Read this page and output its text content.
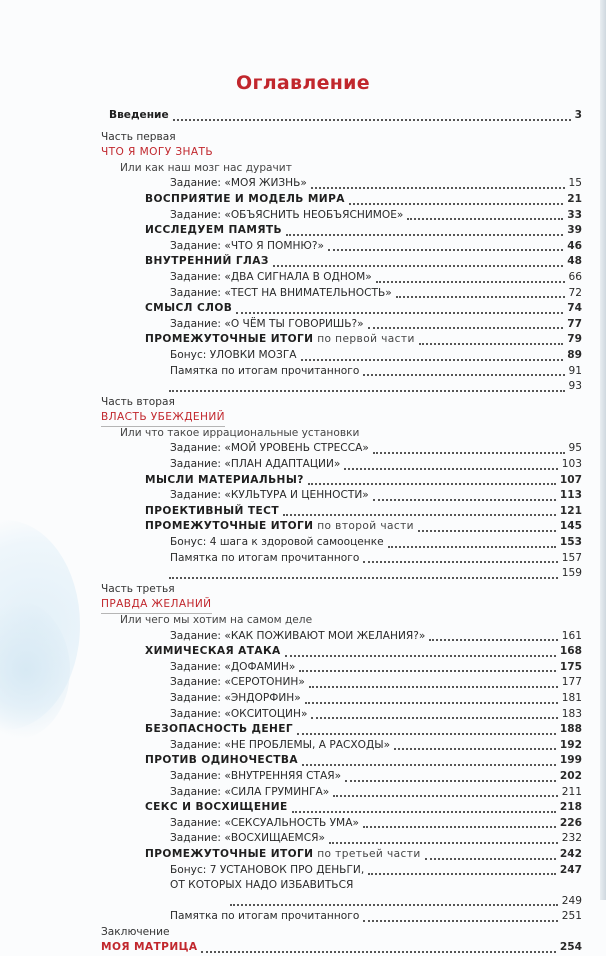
Оглавление
Введение	3
Часть первая
ЧТО Я МОГУ ЗНАТЬ
Или как наш мозг нас дурачит
Задание: «МОЯ ЖИЗНЬ»	15
ВОСПРИЯТИЕ И МОДЕЛЬ МИРА	21
Задание: «ОБЪЯСНИТЬ НЕОБЪЯСНИМОЕ»	33
ИССЛЕДУЕМ ПАМЯТЬ	39
Задание: «ЧТО Я ПОМНЮ?»	46
ВНУТРЕННИЙ ГЛАЗ	48
Задание: «ДВА СИГНАЛА В ОДНОМ»	66
Задание: «ТЕСТ НА ВНИМАТЕЛЬНОСТЬ»	72
СМЫСЛ СЛОВ	74
Задание: «О ЧЁМ ТЫ ГОВОРИШЬ?»	77
ПРОМЕЖУТОЧНЫЕ ИТОГИ по первой части	79
Бонус: УЛОВКИ МОЗГА	89
Памятка по итогам прочитанного	91
93
Часть вторая
ВЛАСТЬ УБЕЖДЕНИЙ
Или что такое иррациональные установки
Задание: «МОЙ УРОВЕНЬ СТРЕССА»	95
Задание: «ПЛАН АДАПТАЦИИ»	103
МЫСЛИ МАТЕРИАЛЬНЫ?	107
Задание: «КУЛЬТУРА И ЦЕННОСТИ»	113
ПРОЕКТИВНЫЙ ТЕСТ	121
ПРОМЕЖУТОЧНЫЕ ИТОГИ по второй части	145
Бонус: 4 шага к здоровой самооценке	153
Памятка по итогам прочитанного	157
159
Часть третья
ПРАВДА ЖЕЛАНИЙ
Или чего мы хотим на самом деле
Задание: «КАК ПОЖИВАЮТ МОИ ЖЕЛАНИЯ?»	161
ХИМИЧЕСКАЯ АТАКА	168
Задание: «ДОФАМИН»	175
Задание: «СЕРОТОНИН»	177
Задание: «ЭНДОРФИН»	181
Задание: «ОКСИТОЦИН»	183
БЕЗОПАСНОСТЬ ДЕНЕГ	188
Задание: «НЕ ПРОБЛЕМЫ, А РАСХОДЫ»	192
ПРОТИВ ОДИНОЧЕСТВА	199
Задание: «ВНУТРЕННЯЯ СТАЯ»	202
Задание: «СИЛА ГРУМИНГА»	211
СЕКС И ВОСХИЩЕНИЕ	218
Задание: «СЕКСУАЛЬНОСТЬ УМА»	226
Задание: «ВОСХИЩАЕМСЯ»	232
ПРОМЕЖУТОЧНЫЕ ИТОГИ по третьей части	242
Бонус: 7 УСТАНОВОК ПРО ДЕНЬГИ,	247
ОТ КОТОРЫХ НАДО ИЗБАВИТЬСЯ
249
Памятка по итогам прочитанного	251
Заключение
МОЯ МАТРИЦА	254
